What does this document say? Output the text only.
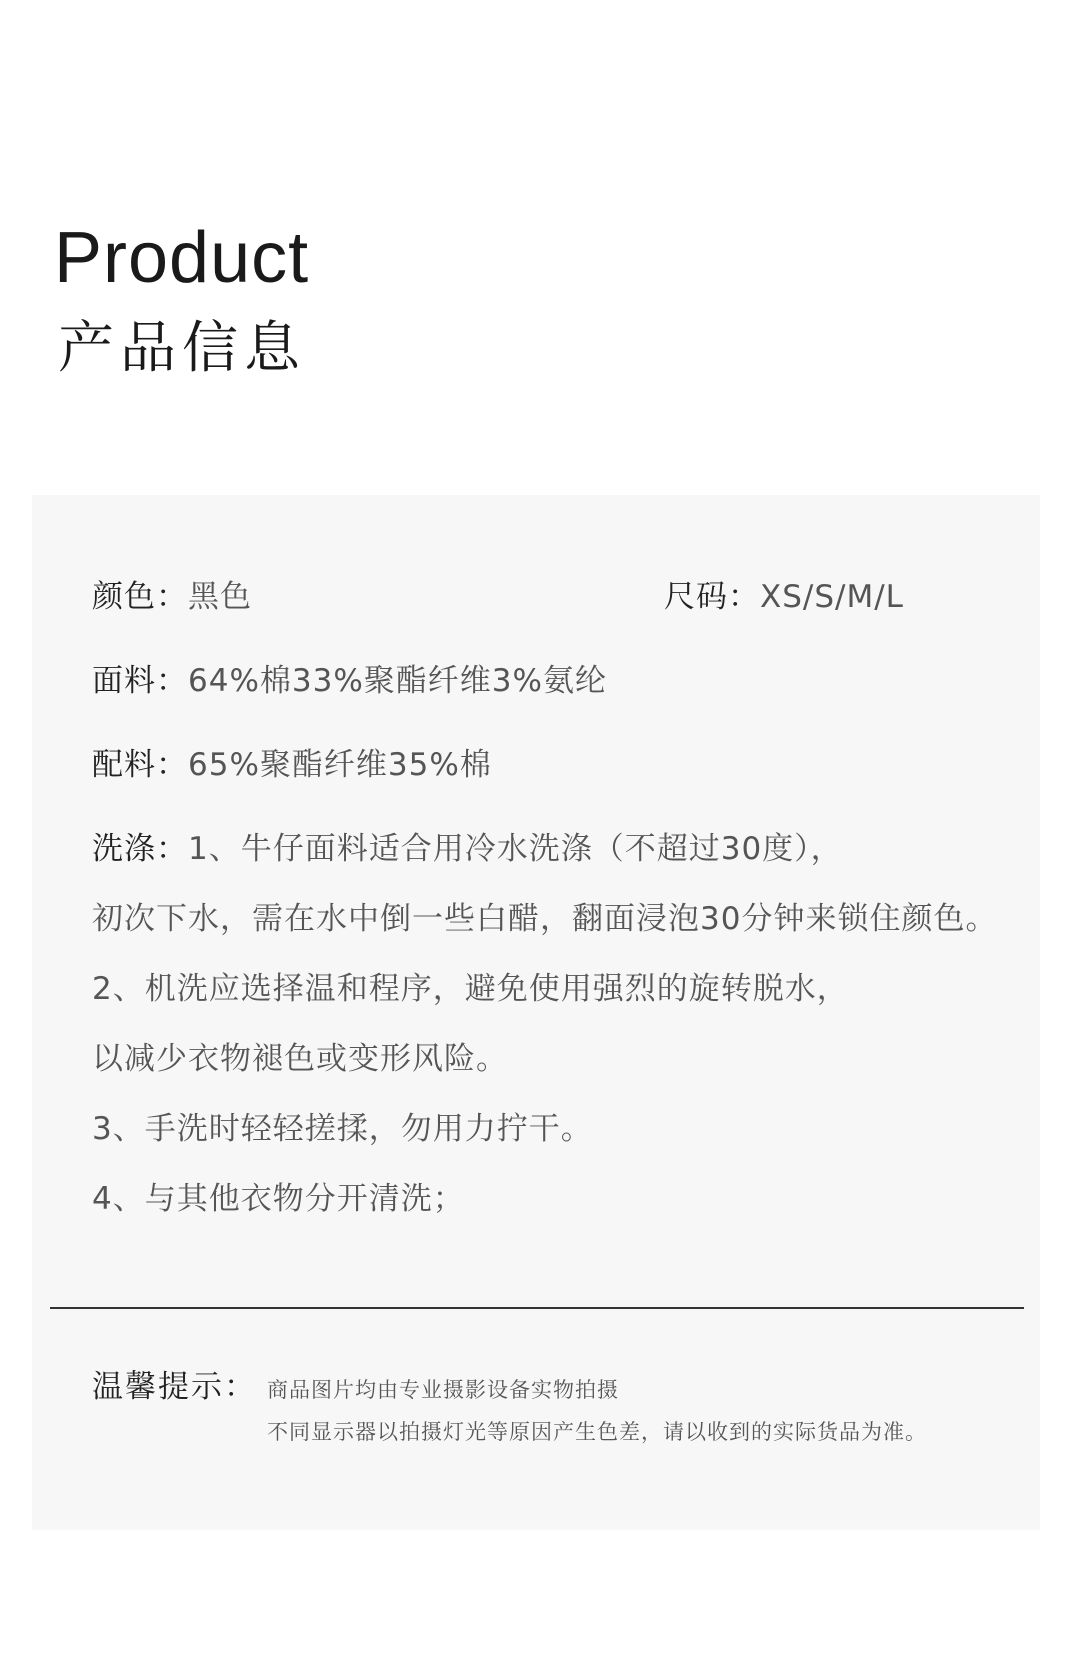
Product
产品信息
颜色：黑色	尺码：XS/S/M/L
面料：64%棉33%聚酯纤维3%氨纶
配料：65%聚酯纤维35%棉
洗涤：1、牛仔面料适合用冷水洗涤（不超过30度），
初次下水，需在水中倒一些白醋，翻面浸泡30分钟来锁住颜色。
2、机洗应选择温和程序，避免使用强烈的旋转脱水，
以减少衣物褪色或变形风险。
3、手洗时轻轻搓揉，勿用力拧干。
4、与其他衣物分开清洗；
温馨提示： 商品图片均由专业摄影设备实物拍摄
不同显示器以拍摄灯光等原因产生色差，请以收到的实际货品为准。
